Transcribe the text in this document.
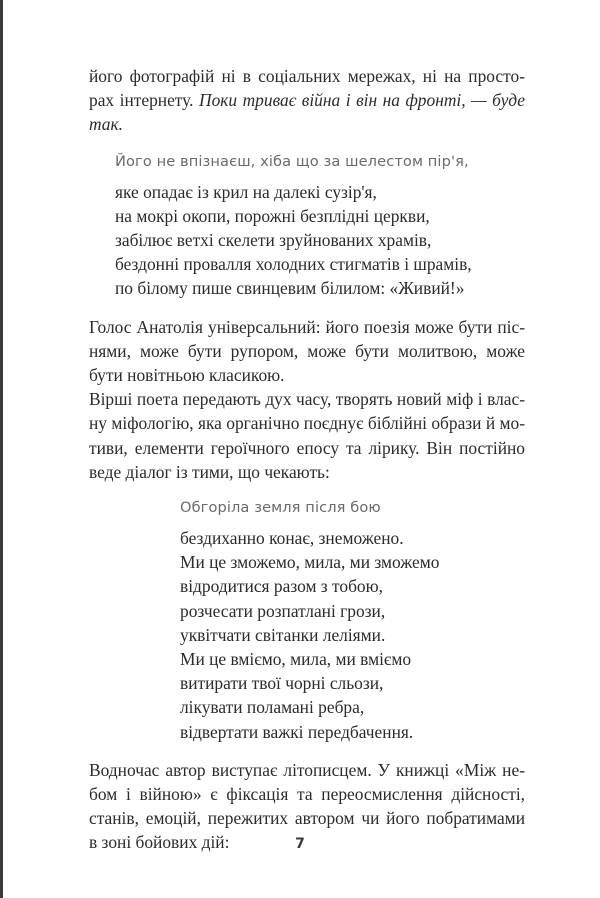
його фотографій ні в соціальних мережах, ні на просто-
рах інтернету. Поки триває війна і він на фронті, — буде
так.
Його не впізнаєш, хіба що за шелестом пір'я,
яке опадає із крил на далекі сузір'я,
на мокрі окопи, порожні безплідні церкви,
забілює ветхі скелети зруйнованих храмів,
бездонні провалля холодних стигматів і шрамів,
по білому пише свинцевим білилом: «Живий!»
Голос Анатолія універсальний: його поезія може бути піс-
нями, може бути рупором, може бути молитвою, може
бути новітньою класикою.
Вірші поета передають дух часу, творять новий міф і влас-
ну міфологію, яка органічно поєднує біблійні образи й мо-
тиви, елементи героїчного епосу та лірику. Він постійно
веде діалог із тими, що чекають:
Обгоріла земля після бою
бездиханно конає, знеможено.
Ми це зможемо, мила, ми зможемо
відродитися разом з тобою,
розчесати розпатлані грози,
уквітчати світанки леліями.
Ми це вміємо, мила, ми вміємо
витирати твої чорні сльози,
лікувати поламані ребра,
відвертати важкі передбачення.
Водночас автор виступає літописцем. У книжці «Між не-
бом і війною» є фіксація та переосмислення дійсності,
станів, емоцій, пережитих автором чи його побратимами
в зоні бойових дій:	7
